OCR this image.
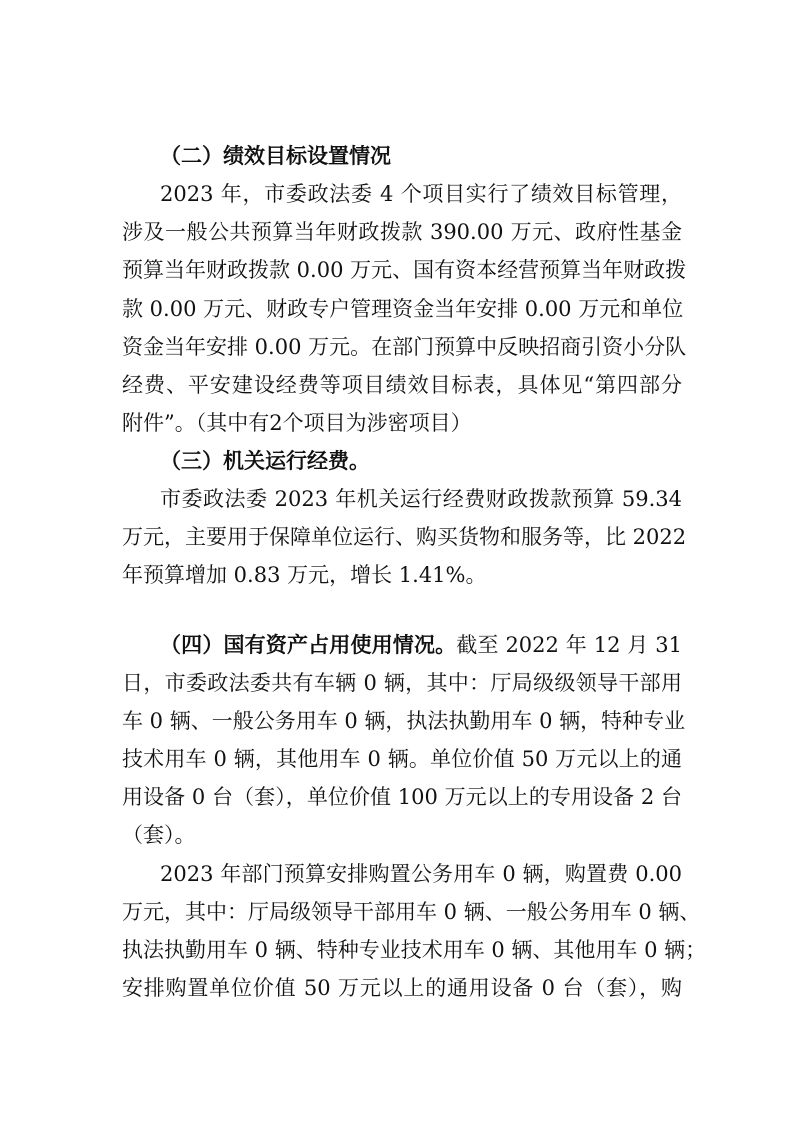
（二）绩效目标设置情况
2023 年，市委政法委 4 个项目实行了绩效目标管理，
涉及一般公共预算当年财政拨款 390.00 万元、政府性基金
预算当年财政拨款 0.00 万元、国有资本经营预算当年财政拨
款 0.00 万元、财政专户管理资金当年安排 0.00 万元和单位
资金当年安排 0.00 万元。在部门预算中反映招商引资小分队
经费、平安建设经费等项目绩效目标表，具体见“第四部分
附件”。（其中有2个项目为涉密项目）
（三）机关运行经费。
市委政法委 2023 年机关运行经费财政拨款预算 59.34
万元，主要用于保障单位运行、购买货物和服务等，比 2022
年预算增加 0.83 万元，增长 1.41%。
（四）国有资产占用使用情况。截至 2022 年 12 月 31
日，市委政法委共有车辆 0 辆，其中：厅局级级领导干部用
车 0 辆、一般公务用车 0 辆，执法执勤用车 0 辆，特种专业
技术用车 0 辆，其他用车 0 辆。单位价值 50 万元以上的通
用设备 0 台（套），单位价值 100 万元以上的专用设备 2 台
（套）。
2023 年部门预算安排购置公务用车 0 辆，购置费 0.00
万元，其中：厅局级领导干部用车 0 辆、一般公务用车 0 辆、
执法执勤用车 0 辆、特种专业技术用车 0 辆、其他用车 0 辆；
安排购置单位价值 50 万元以上的通用设备 0 台（套），购
